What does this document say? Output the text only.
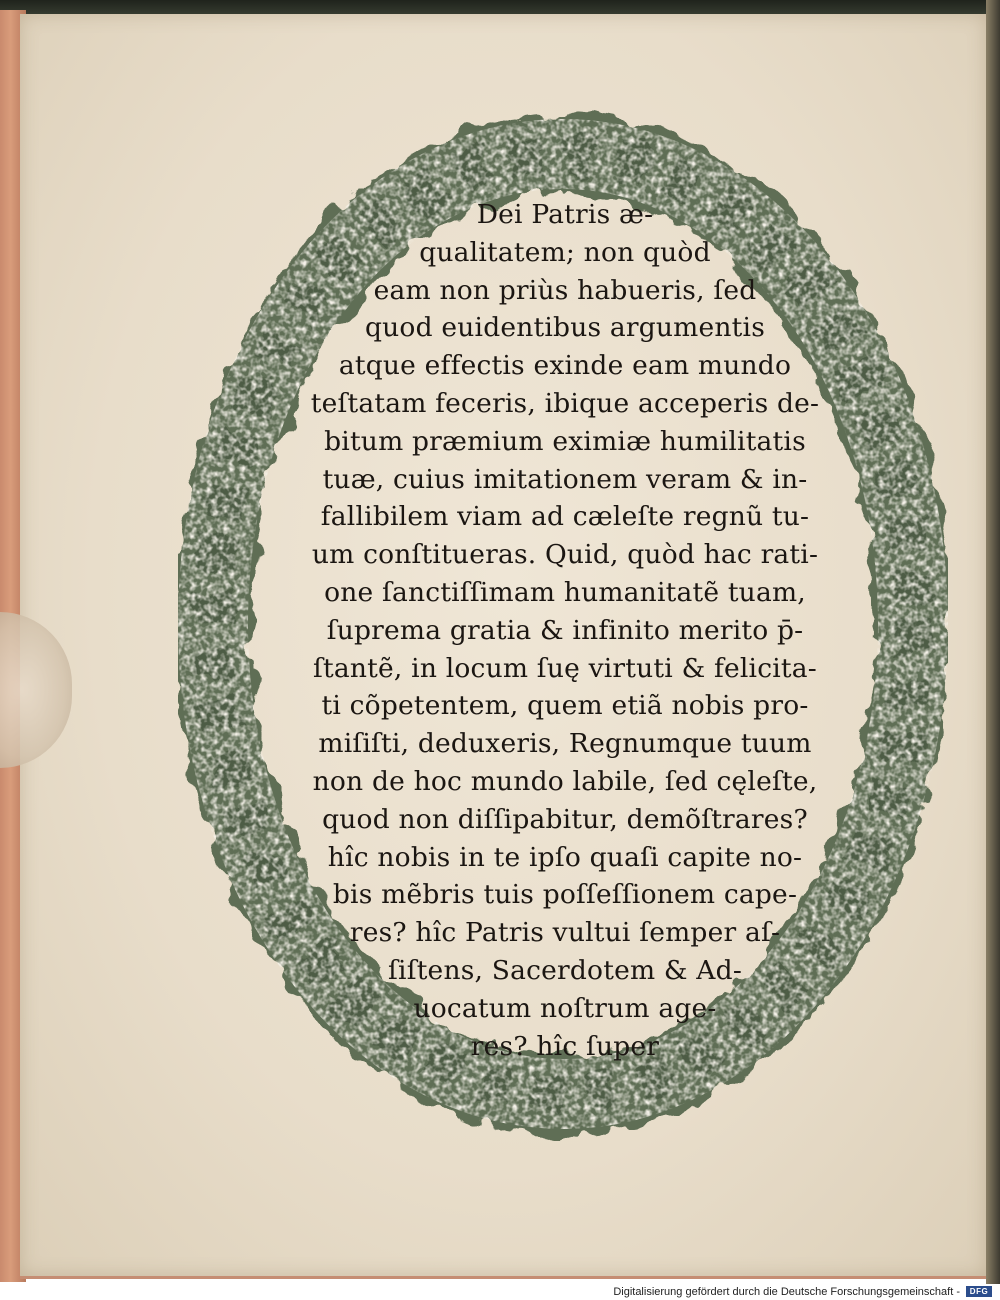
Dei Patris æ-
qualitatem; non quòd
eam non priùs habueris, ſed
quod euidentibus argumentis
atque effectis exinde eam mundo
teſtatam feceris, ibique acceperis de-
bitum præmium eximiæ humilitatis
tuæ, cuius imitationem veram & in-
fallibilem viam ad cæleſte regnũ tu-
um conſtitueras. Quid, quòd hac rati-
one ſanctiſſimam humanitatẽ tuam,
ſuprema gratia & infinito merito p̄-
ſtantẽ, in locum ſuę virtuti & felicita-
ti cõpetentem, quem etiã nobis pro-
miſiſti, deduxeris, Regnumque tuum
non de hoc mundo labile, ſed cęleſte,
quod non diſſipabitur, demõſtrares?
hîc nobis in te ipſo quaſi capite no-
bis mẽbris tuis poſſeſſionem cape-
res? hîc Patris vultui ſemper aſ-
ſiſtens, Sacerdotem & Ad-
uocatum noſtrum age-
res? hîc ſuper
Digitalisierung gefördert durch die Deutsche Forschungsgemeinschaft -	DFG
